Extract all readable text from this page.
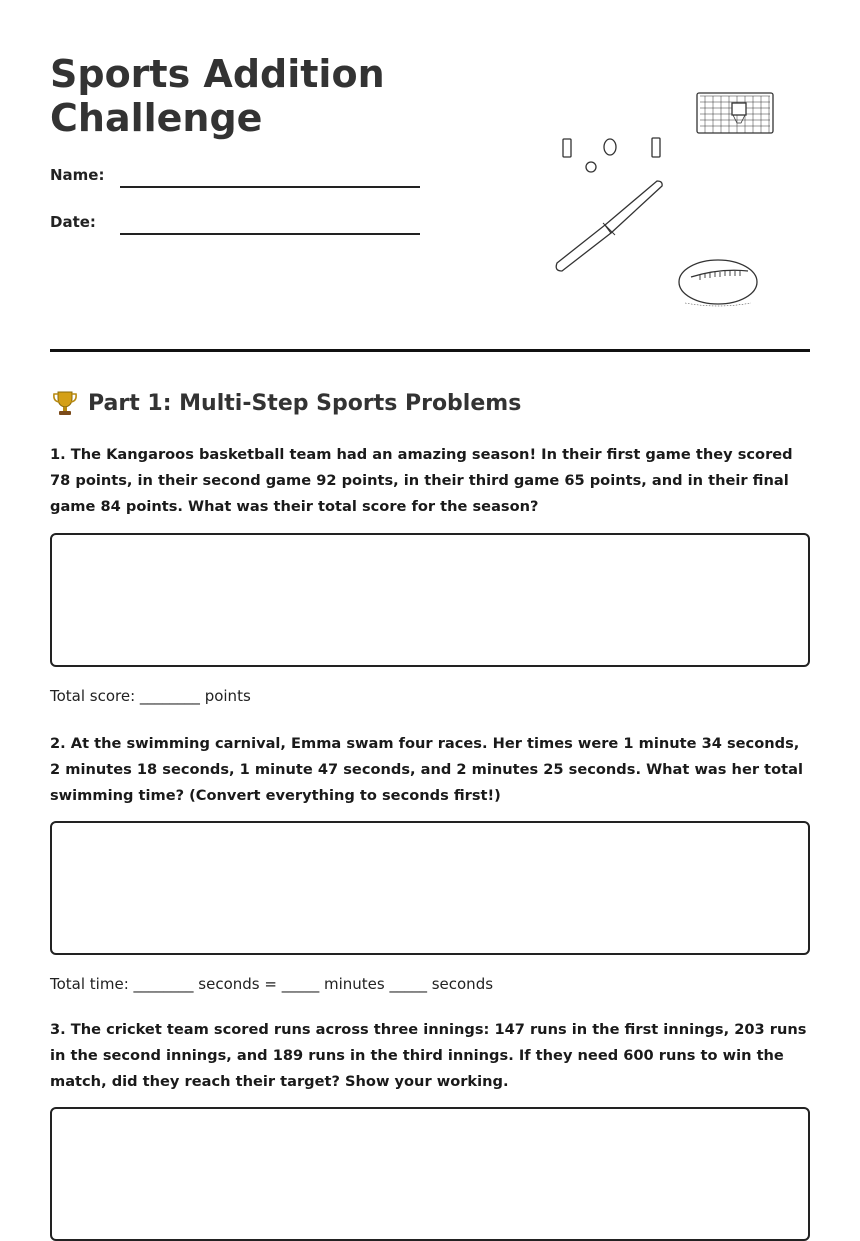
Sports Addition Challenge
Name:
Date:
Part 1: Multi-Step Sports Problems

1. The Kangaroos basketball team had an amazing season! In their first game they scored 78 points, in their second game 92 points, in their third game 65 points, and in their final game 84 points. What was their total score for the season?

Total score: ________ points

2. At the swimming carnival, Emma swam four races. Her times were 1 minute 34 seconds, 2 minutes 18 seconds, 1 minute 47 seconds, and 2 minutes 25 seconds. What was her total swimming time? (Convert everything to seconds first!)

Total time: ________ seconds = _____ minutes _____ seconds

3. The cricket team scored runs across three innings: 147 runs in the first innings, 203 runs in the second innings, and 189 runs in the third innings. If they need 600 runs to win the match, did they reach their target? Show your working.
